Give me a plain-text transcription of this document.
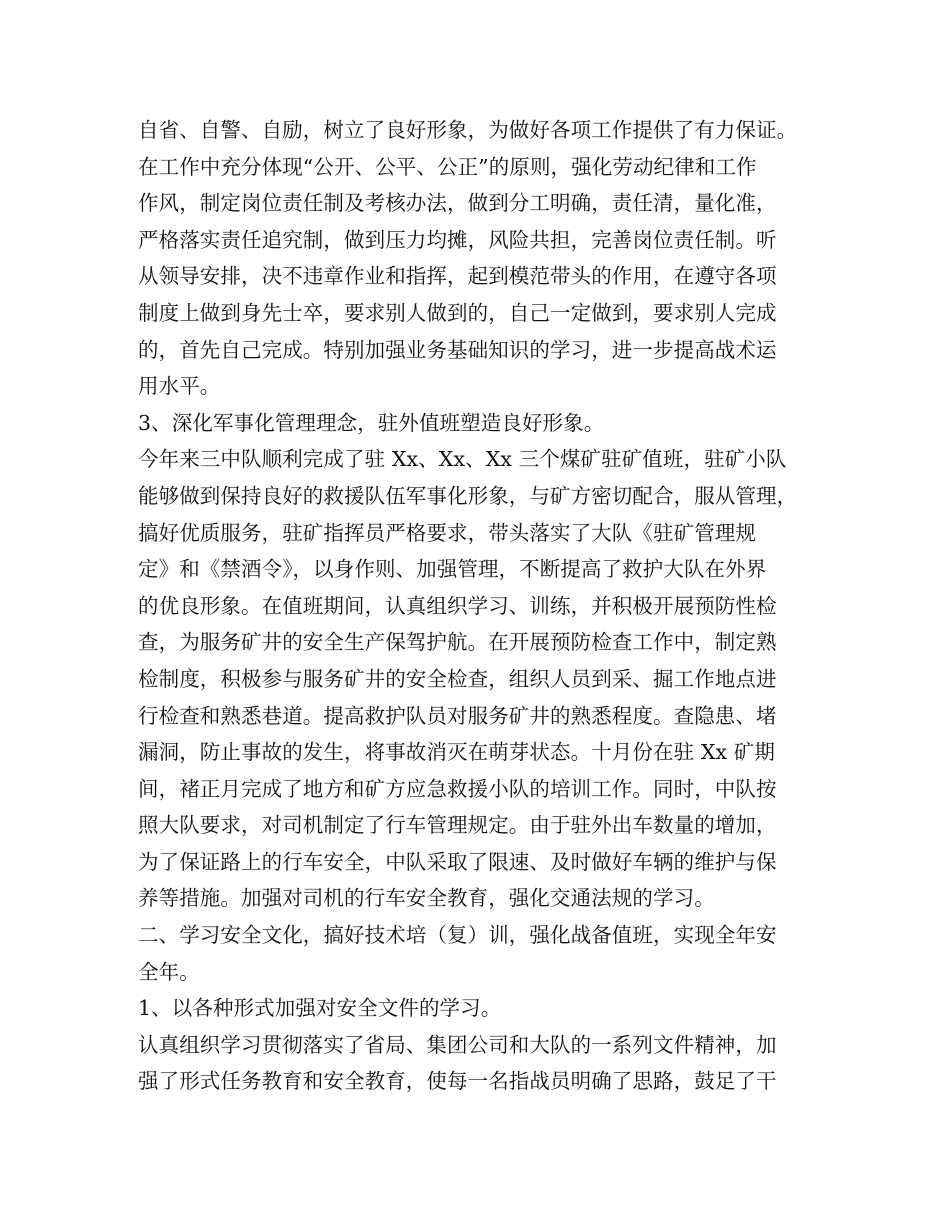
自省、自警、自励，树立了良好形象，为做好各项工作提供了有力保证。
在工作中充分体现“公开、公平、公正”的原则，强化劳动纪律和工作
作风，制定岗位责任制及考核办法，做到分工明确，责任清，量化准，
严格落实责任追究制，做到压力均摊，风险共担，完善岗位责任制。听
从领导安排，决不违章作业和指挥，起到模范带头的作用，在遵守各项
制度上做到身先士卒，要求别人做到的，自己一定做到，要求别人完成
的，首先自己完成。特别加强业务基础知识的学习，进一步提高战术运
用水平。
3、深化军事化管理理念，驻外值班塑造良好形象。
今年来三中队顺利完成了驻 Xx、Xx、Xx 三个煤矿驻矿值班，驻矿小队
能够做到保持良好的救援队伍军事化形象，与矿方密切配合，服从管理，
搞好优质服务，驻矿指挥员严格要求，带头落实了大队《驻矿管理规
定》和《禁酒令》，以身作则、加强管理，不断提高了救护大队在外界
的优良形象。在值班期间，认真组织学习、训练，并积极开展预防性检
查，为服务矿井的安全生产保驾护航。在开展预防检查工作中，制定熟
检制度，积极参与服务矿井的安全检查，组织人员到采、掘工作地点进
行检查和熟悉巷道。提高救护队员对服务矿井的熟悉程度。查隐患、堵
漏洞，防止事故的发生，将事故消灭在萌芽状态。十月份在驻 Xx 矿期
间，褚正月完成了地方和矿方应急救援小队的培训工作。同时，中队按
照大队要求，对司机制定了行车管理规定。由于驻外出车数量的增加，
为了保证路上的行车安全，中队采取了限速、及时做好车辆的维护与保
养等措施。加强对司机的行车安全教育，强化交通法规的学习。
二、学习安全文化，搞好技术培（复）训，强化战备值班，实现全年安
全年。
1、以各种形式加强对安全文件的学习。
认真组织学习贯彻落实了省局、集团公司和大队的一系列文件精神，加
强了形式任务教育和安全教育，使每一名指战员明确了思路，鼓足了干
